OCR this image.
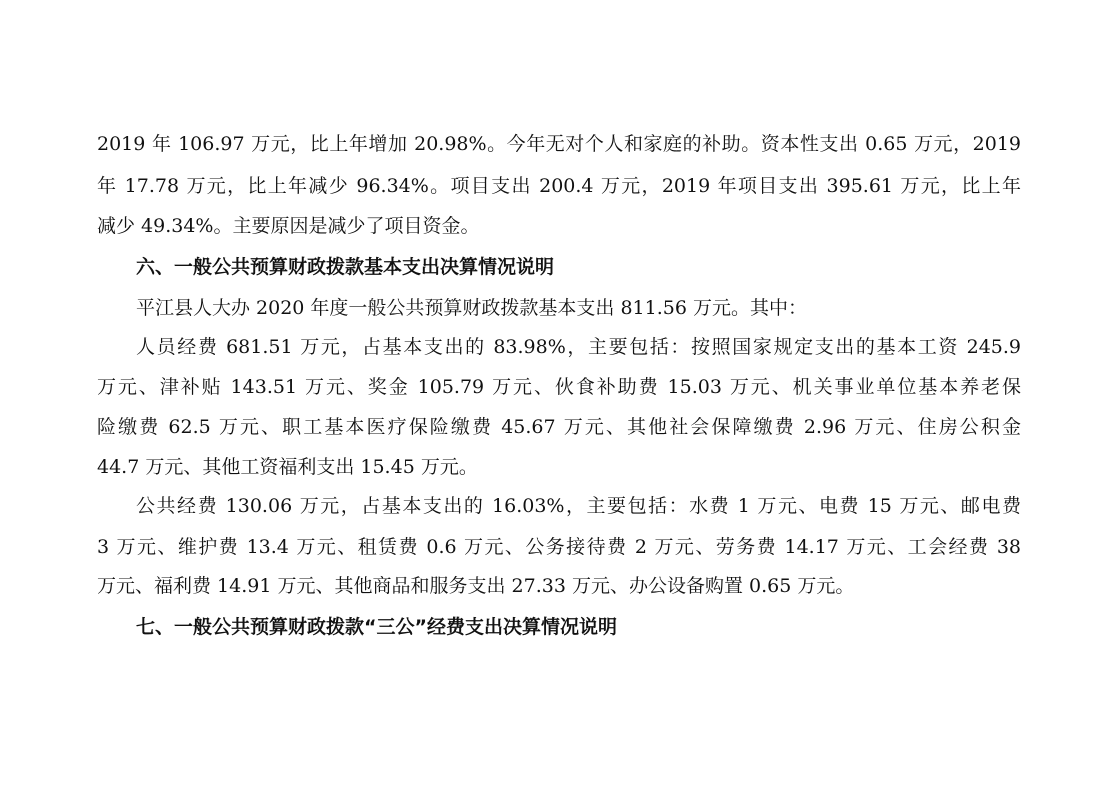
2019 年 106.97 万元，比上年增加 20.98%。今年无对个人和家庭的补助。资本性支出 0.65 万元，2019
年 17.78 万元，比上年减少 96.34%。项目支出 200.4 万元，2019 年项目支出 395.61 万元，比上年
减少 49.34%。主要原因是减少了项目资金。
六、一般公共预算财政拨款基本支出决算情况说明
平江县人大办 2020 年度一般公共预算财政拨款基本支出 811.56 万元。其中：
人员经费 681.51 万元，占基本支出的 83.98%，主要包括：按照国家规定支出的基本工资 245.9
万元、津补贴 143.51 万元、奖金 105.79 万元、伙食补助费 15.03 万元、机关事业单位基本养老保
险缴费 62.5 万元、职工基本医疗保险缴费 45.67 万元、其他社会保障缴费 2.96 万元、住房公积金
44.7 万元、其他工资福利支出 15.45 万元。
公共经费 130.06 万元，占基本支出的 16.03%，主要包括：水费 1 万元、电费 15 万元、邮电费
3 万元、维护费 13.4 万元、租赁费 0.6 万元、公务接待费 2 万元、劳务费 14.17 万元、工会经费 38
万元、福利费 14.91 万元、其他商品和服务支出 27.33 万元、办公设备购置 0.65 万元。
七、一般公共预算财政拨款“三公”经费支出决算情况说明
